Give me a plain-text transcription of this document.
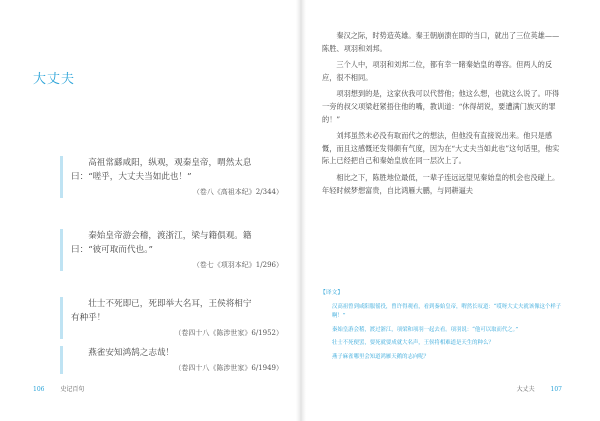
大丈夫

高祖常繇咸阳，纵观，观秦皇帝，喟然太息

曰：“嗟乎，大丈夫当如此也！”

（卷八《高祖本纪》2/344）

秦始皇帝游会稽，渡浙江，梁与籍俱观。籍

曰：“彼可取而代也。”

（卷七《项羽本纪》1/296）

壮士不死即已，死即举大名耳，王侯将相宁

有种乎！

（卷四十八《陈涉世家》6/1952）

燕雀安知鸿鹄之志哉！

（卷四十八《陈涉世家》6/1949）
106	史记百句

秦汉之际，时势造英雄。秦王朝崩溃在即的当口，就出了三位英雄——陈胜、项羽和刘邦。

三个人中，项羽和刘邦二位，都有幸一睹秦始皇的尊容。但两人的反应，很不相同。

项羽想到的是，这家伙我可以代替他；他这么想，也就这么说了。吓得一旁的叔父项梁赶紧捂住他的嘴，教训道：“休得胡说，要遭满门族灭的罪的！”

刘邦虽然未必没有取而代之的想法，但他没有直接说出来。他只是感慨，而且这感慨还发得颇有气度，因为在“大丈夫当如此也”这句话里，他实际上已经把自己和秦始皇放在同一层次上了。

相比之下，陈胜地位最低，一辈子连远远望见秦始皇的机会也没碰上。年轻时候梦想富贵，自比鸿雁大鹏，与同耕逼夫

【译文】

汉高祖曾到咸阳服徭役，曾许得观看，看到秦始皇帝，喟然长叹道：“哎呀大丈夫就该像这个样子啊！”

秦始皇游会稽，渡过浙江，项梁和项羽一起去看。项羽说：“他可以取而代之。”

壮士不死便罢，要死就要成就大名声，王侯将相难道是天生的种么？

燕子麻雀哪里会知道鸿雁天鹅的志向呢？

大丈夫	107
